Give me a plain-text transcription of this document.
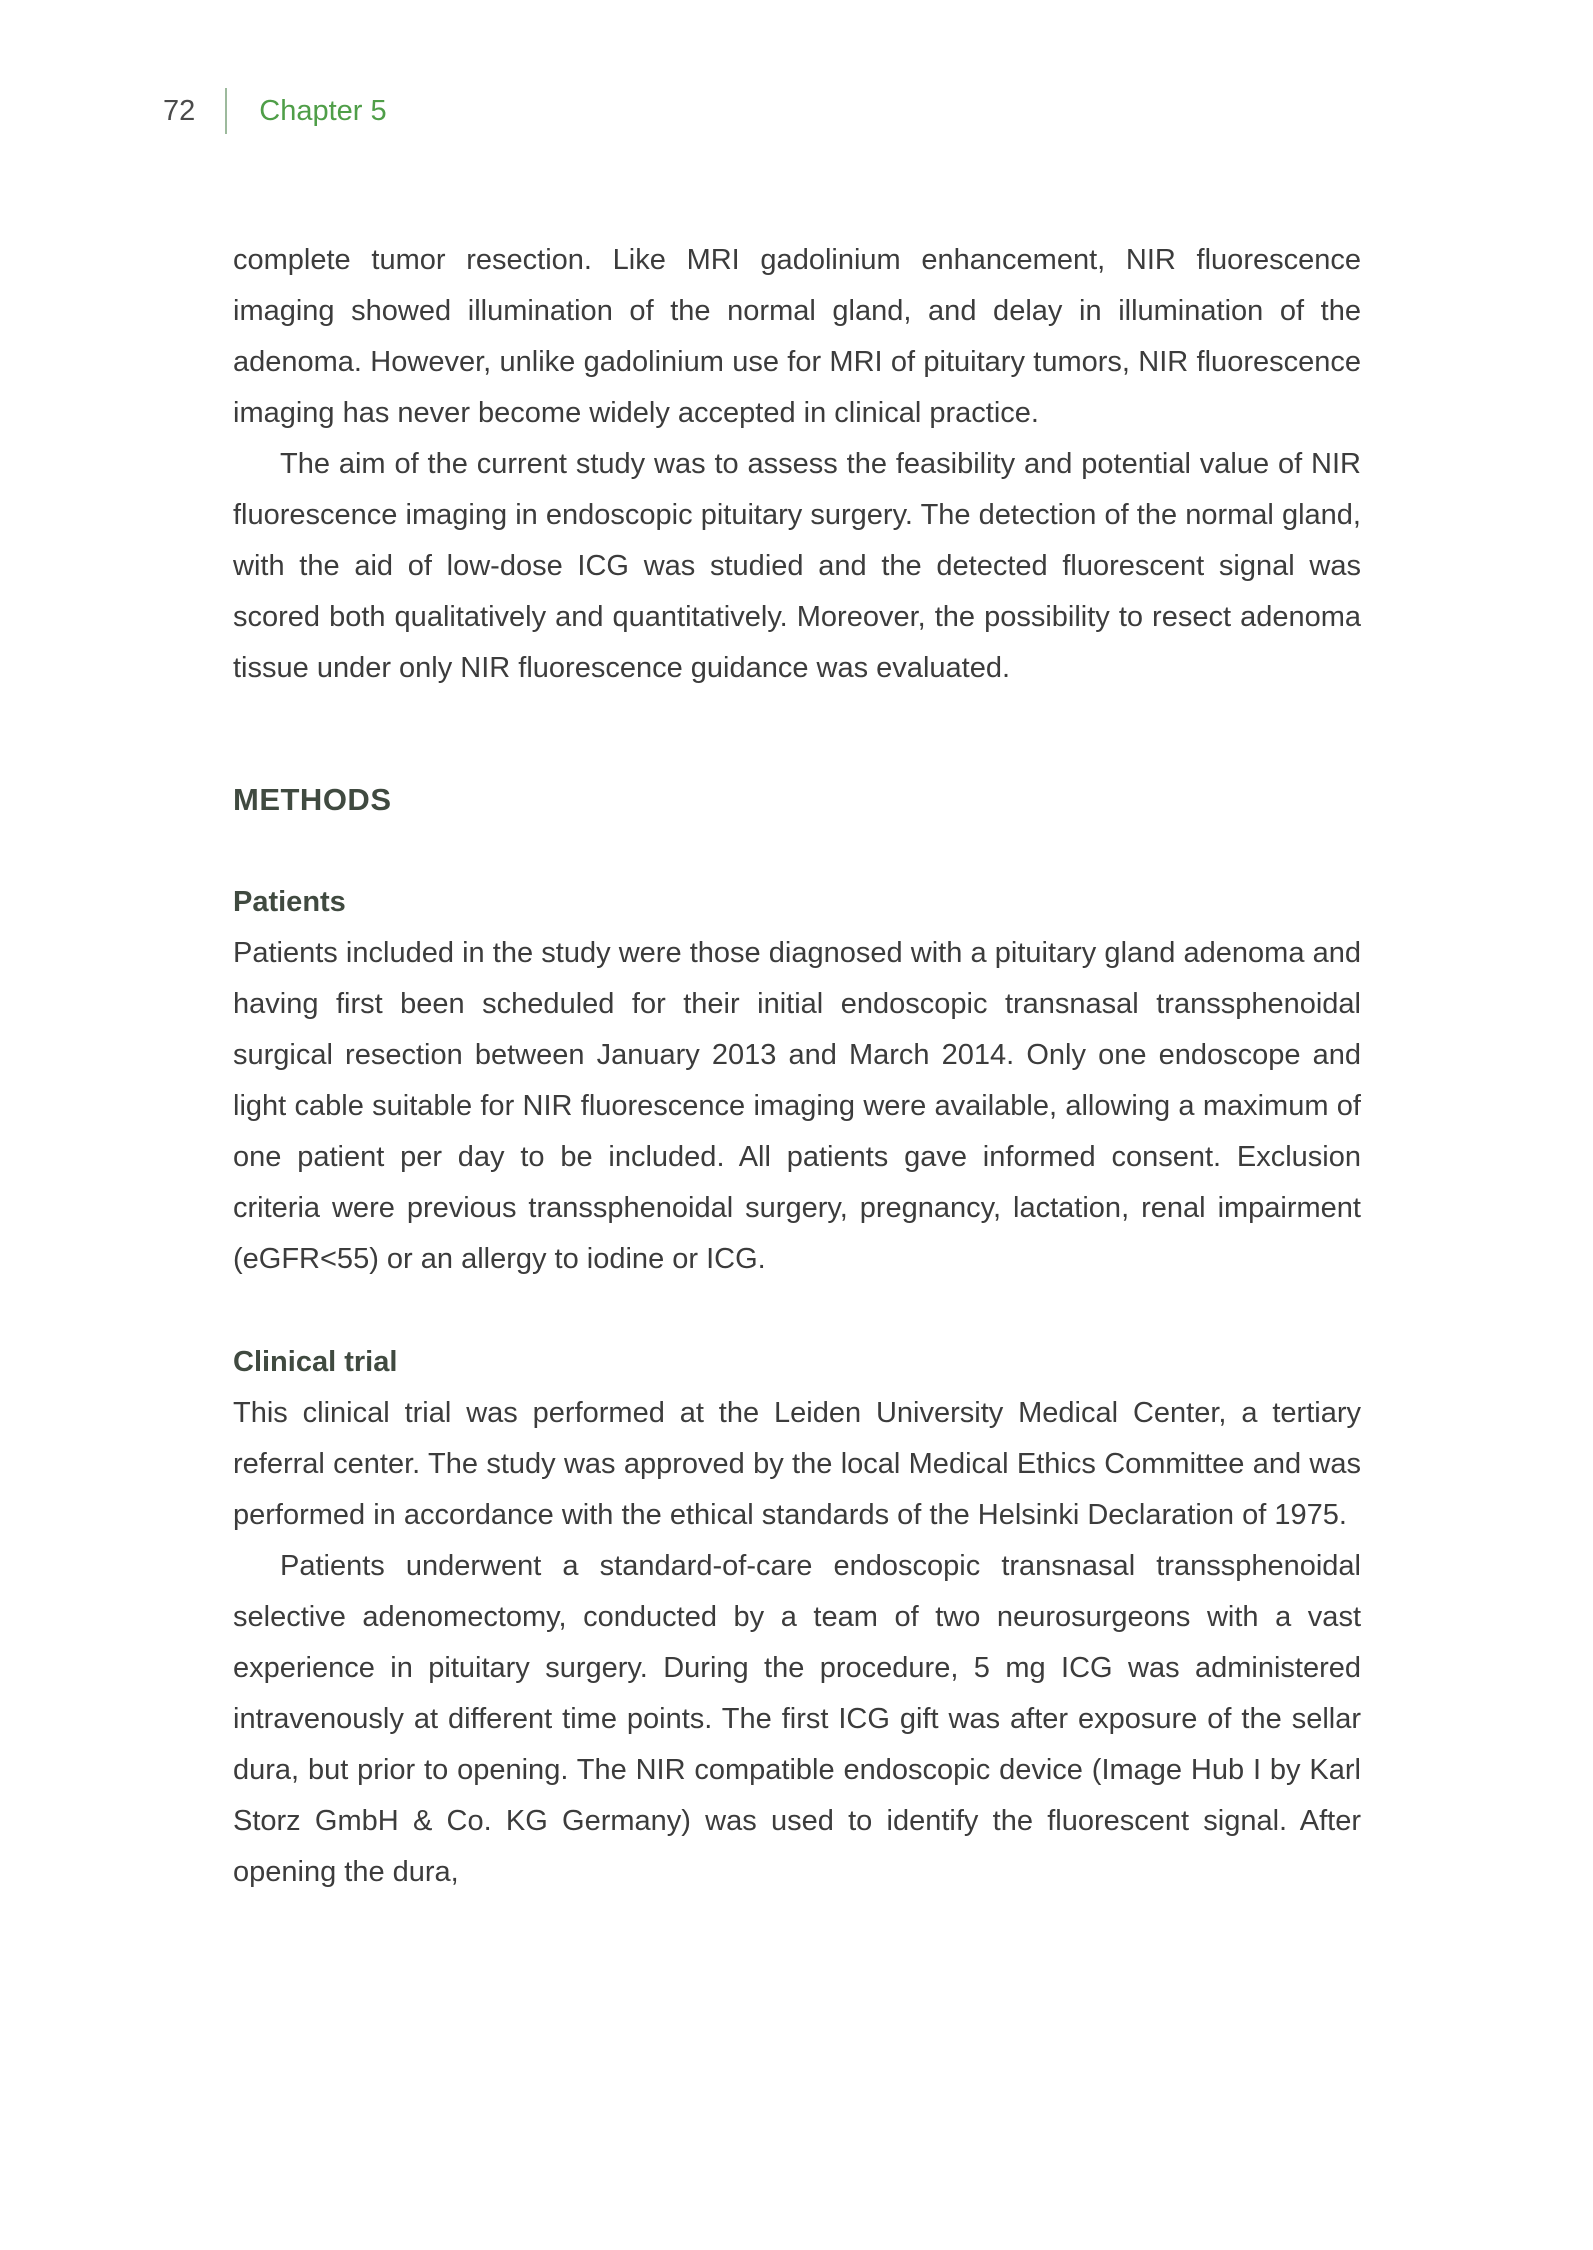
72 Chapter 5

complete tumor resection. Like MRI gadolinium enhancement, NIR fluorescence imaging showed illumination of the normal gland, and delay in illumination of the adenoma. However, unlike gadolinium use for MRI of pituitary tumors, NIR fluorescence imaging has never become widely accepted in clinical practice.

The aim of the current study was to assess the feasibility and potential value of NIR fluorescence imaging in endoscopic pituitary surgery. The detection of the normal gland, with the aid of low-dose ICG was studied and the detected fluorescent signal was scored both qualitatively and quantitatively. Moreover, the possibility to resect adenoma tissue under only NIR fluorescence guidance was evaluated.

METHODS
Patients

Patients included in the study were those diagnosed with a pituitary gland adenoma and having first been scheduled for their initial endoscopic transnasal transsphenoidal surgical resection between January 2013 and March 2014. Only one endoscope and light cable suitable for NIR fluorescence imaging were available, allowing a maximum of one patient per day to be included. All patients gave informed consent. Exclusion criteria were previous transsphenoidal surgery, pregnancy, lactation, renal impairment (eGFR<55) or an allergy to iodine or ICG.

Clinical trial

This clinical trial was performed at the Leiden University Medical Center, a tertiary referral center. The study was approved by the local Medical Ethics Committee and was performed in accordance with the ethical standards of the Helsinki Declaration of 1975.

Patients underwent a standard-of-care endoscopic transnasal transsphenoidal selective adenomectomy, conducted by a team of two neurosurgeons with a vast experience in pituitary surgery. During the procedure, 5 mg ICG was administered intravenously at different time points. The first ICG gift was after exposure of the sellar dura, but prior to opening. The NIR compatible endoscopic device (Image Hub I by Karl Storz GmbH & Co. KG Germany) was used to identify the fluorescent signal. After opening the dura,
